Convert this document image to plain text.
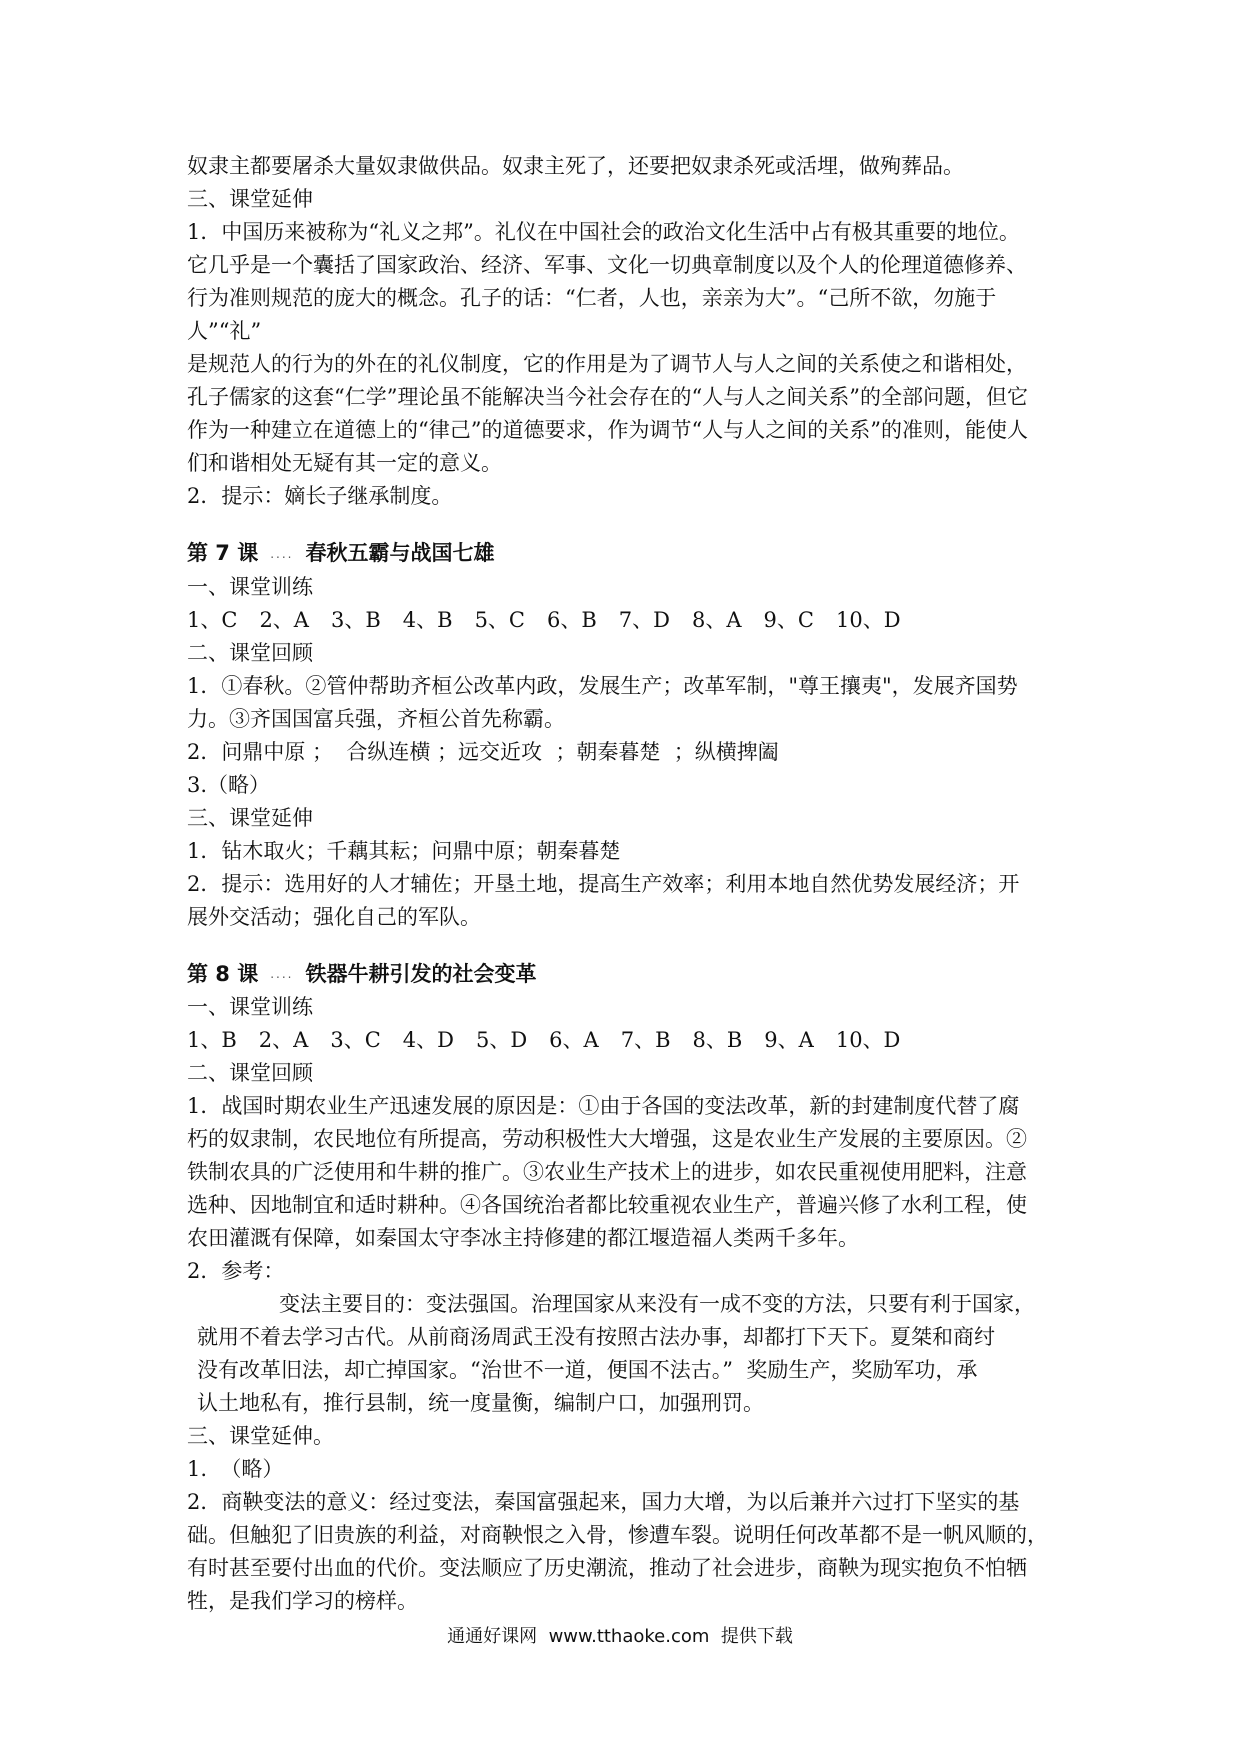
奴隶主都要屠杀大量奴隶做供品。奴隶主死了，还要把奴隶杀死或活埋，做殉葬品。

三、课堂延伸

1．中国历来被称为“礼义之邦”。礼仪在中国社会的政治文化生活中占有极其重要的地位。

它几乎是一个囊括了国家政治、经济、军事、文化一切典章制度以及个人的伦理道德修养、

行为准则规范的庞大的概念。孔子的话：“仁者，人也，亲亲为大”。“己所不欲，勿施于人”“礼”

是规范人的行为的外在的礼仪制度，它的作用是为了调节人与人之间的关系使之和谐相处，

孔子儒家的这套“仁学”理论虽不能解决当今社会存在的“人与人之间关系”的全部问题，但它

作为一种建立在道德上的“律己”的道德要求，作为调节“人与人之间的关系”的准则，能使人

们和谐相处无疑有其一定的意义。

2．提示：嫡长子继承制度。

第 7 课 .... 春秋五霸与战国七雄

一、课堂训练

1、C 2、A 3、B 4、B 5、C 6、B 7、D 8、A 9、C 10、D

二、课堂回顾

1．①春秋。②管仲帮助齐桓公改革内政，发展生产；改革军制，"尊王攘夷"，发展齐国势

力。③齐国国富兵强，齐桓公首先称霸。

2．问鼎中原 ；  合纵连横 ；远交近攻  ；朝秦暮楚  ；纵横捭阖

3.（略）

三、课堂延伸

1．钻木取火；千藕其耘；问鼎中原；朝秦暮楚

2．提示：选用好的人才辅佐；开垦土地，提高生产效率；利用本地自然优势发展经济；开

展外交活动；强化自己的军队。

第 8 课 .... 铁器牛耕引发的社会变革

一、课堂训练

1、B 2、A 3、C 4、D 5、D 6、A 7、B 8、B 9、A 10、D

二、课堂回顾

1．战国时期农业生产迅速发展的原因是：①由于各国的变法改革，新的封建制度代替了腐

朽的奴隶制，农民地位有所提高，劳动积极性大大增强，这是农业生产发展的主要原因。②

铁制农具的广泛使用和牛耕的推广。③农业生产技术上的进步，如农民重视使用肥料，注意

选种、因地制宜和适时耕种。④各国统治者都比较重视农业生产，普遍兴修了水利工程，使

农田灌溉有保障，如秦国太守李冰主持修建的都江堰造福人类两千多年。

2．参考：

变法主要目的：变法强国。治理国家从来没有一成不变的方法，只要有利于国家，

就用不着去学习古代。从前商汤周武王没有按照古法办事，却都打下天下。夏桀和商纣

没有改革旧法，却亡掉国家。“治世不一道，便国不法古。”  奖励生产，奖励军功，承

认土地私有，推行县制，统一度量衡，编制户口，加强刑罚。

三、课堂延伸。

1.  （略）

2．商鞅变法的意义：经过变法，秦国富强起来，国力大增，为以后兼并六过打下坚实的基

础。但触犯了旧贵族的利益，对商鞅恨之入骨，惨遭车裂。说明任何改革都不是一帆风顺的，

有时甚至要付出血的代价。变法顺应了历史潮流，推动了社会进步，商鞅为现实抱负不怕牺

牲，是我们学习的榜样。

通通好课网  www.tthaoke.com  提供下载
